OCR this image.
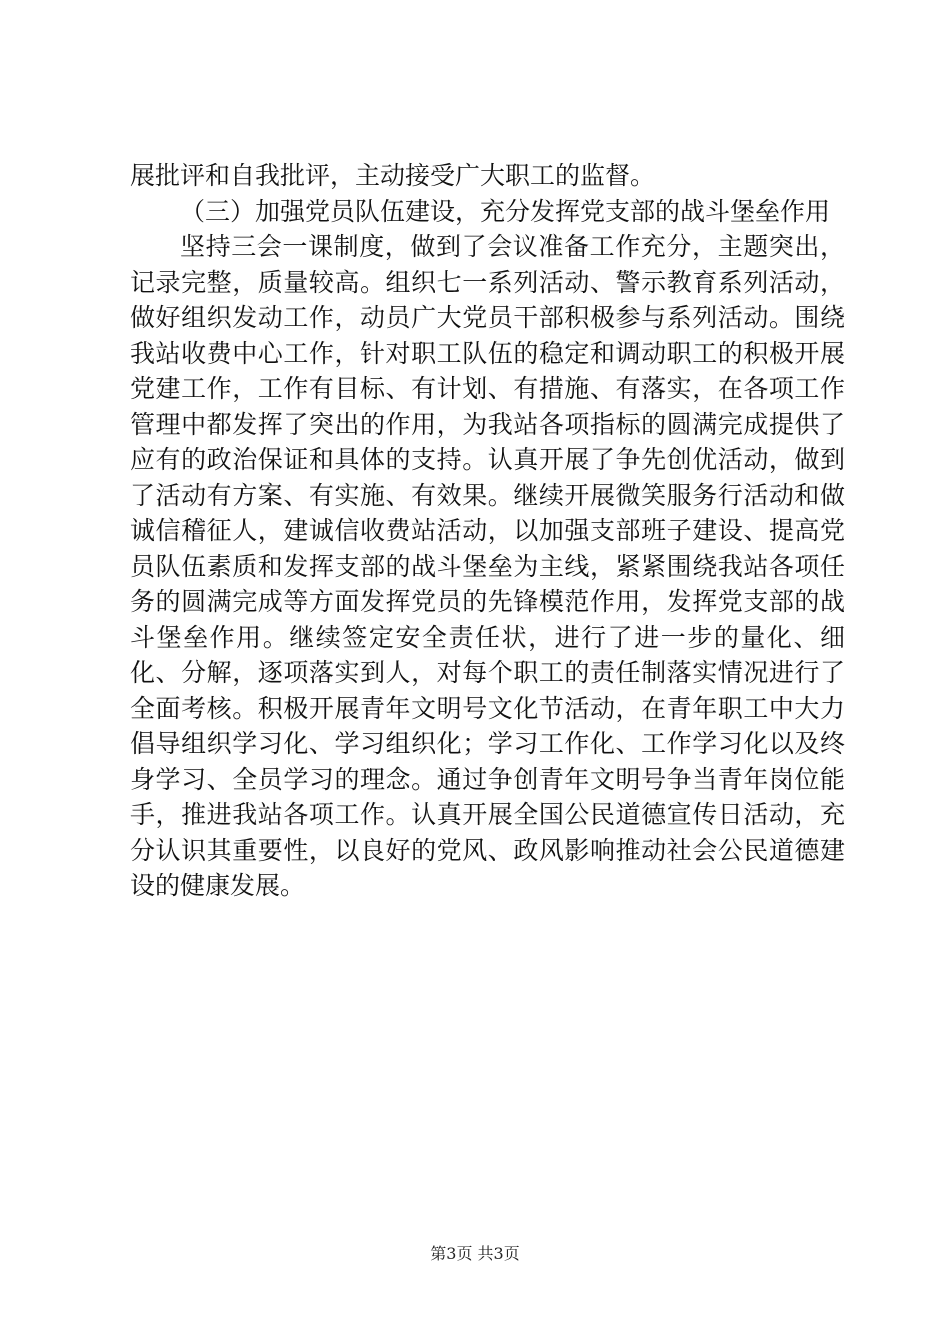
展批评和自我批评，主动接受广大职工的监督。

（三）加强党员队伍建设，充分发挥党支部的战斗堡垒作用

坚持三会一课制度，做到了会议准备工作充分，主题突出，记录完整，质量较高。组织七一系列活动、警示教育系列活动，做好组织发动工作，动员广大党员干部积极参与系列活动。围绕我站收费中心工作，针对职工队伍的稳定和调动职工的积极开展党建工作，工作有目标、有计划、有措施、有落实，在各项工作管理中都发挥了突出的作用，为我站各项指标的圆满完成提供了应有的政治保证和具体的支持。认真开展了争先创优活动，做到了活动有方案、有实施、有效果。继续开展微笑服务行活动和做诚信稽征人，建诚信收费站活动，以加强支部班子建设、提高党员队伍素质和发挥支部的战斗堡垒为主线，紧紧围绕我站各项任务的圆满完成等方面发挥党员的先锋模范作用，发挥党支部的战斗堡垒作用。继续签定安全责任状，进行了进一步的量化、细化、分解，逐项落实到人，对每个职工的责任制落实情况进行了全面考核。积极开展青年文明号文化节活动，在青年职工中大力倡导组织学习化、学习组织化；学习工作化、工作学习化以及终身学习、全员学习的理念。通过争创青年文明号争当青年岗位能手，推进我站各项工作。认真开展全国公民道德宣传日活动，充分认识其重要性，以良好的党风、政风影响推动社会公民道德建设的健康发展。

第3页 共3页
